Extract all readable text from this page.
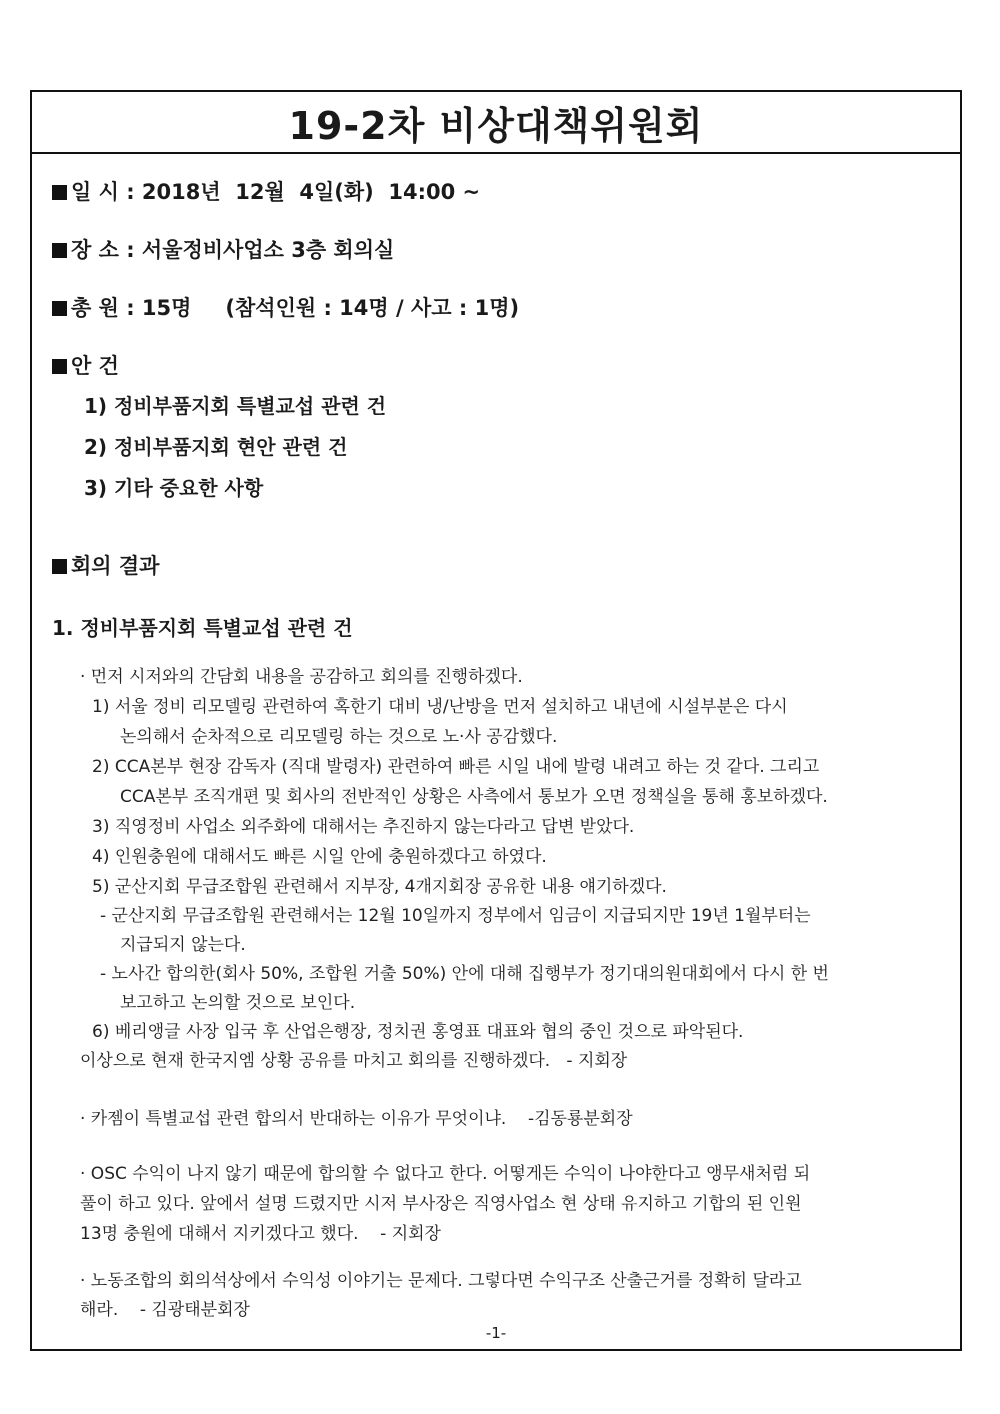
19-2차 비상대책위원회
일 시 : 2018년  12월  4일(화)  14:00 ~
장 소 : 서울정비사업소 3층 회의실
총 원 : 15명 (참석인원 : 14명 / 사고 : 1명)
안 건
1) 정비부품지회 특별교섭 관련 건
2) 정비부품지회 현안 관련 건
3) 기타 중요한 사항
회의 결과
1. 정비부품지회 특별교섭 관련 건
· 먼저 시저와의 간담회 내용을 공감하고 회의를 진행하겠다.
1) 서울 정비 리모델링 관련하여 혹한기 대비 냉/난방을 먼저 설치하고 내년에 시설부분은 다시
논의해서 순차적으로 리모델링 하는 것으로 노·사 공감했다.
2) CCA본부 현장 감독자 (직대 발령자) 관련하여 빠른 시일 내에 발령 내려고 하는 것 같다. 그리고
CCA본부 조직개편 및 회사의 전반적인 상황은 사측에서 통보가 오면 정책실을 통해 홍보하겠다.
3) 직영정비 사업소 외주화에 대해서는 추진하지 않는다라고 답변 받았다.
4) 인원충원에 대해서도 빠른 시일 안에 충원하겠다고 하였다.
5) 군산지회 무급조합원 관련해서 지부장, 4개지회장 공유한 내용 얘기하겠다.
- 군산지회 무급조합원 관련해서는 12월 10일까지 정부에서 임금이 지급되지만 19년 1월부터는
지급되지 않는다.
- 노사간 합의한(회사 50%, 조합원 거출 50%) 안에 대해 집행부가 정기대의원대회에서 다시 한 번
보고하고 논의할 것으로 보인다.
6) 베리앵글 사장 입국 후 산업은행장, 정치권 홍영표 대표와 협의 중인 것으로 파악된다.
이상으로 현재 한국지엠 상황 공유를 마치고 회의를 진행하겠다.   - 지회장
· 카젬이 특별교섭 관련 합의서 반대하는 이유가 무엇이냐.    -김동룡분회장
· OSC 수익이 나지 않기 때문에 합의할 수 없다고 한다. 어떻게든 수익이 나야한다고 앵무새처럼 되
풀이 하고 있다. 앞에서 설명 드렸지만 시저 부사장은 직영사업소 현 상태 유지하고 기합의 된 인원
13명 충원에 대해서 지키겠다고 했다.    - 지회장
· 노동조합의 회의석상에서 수익성 이야기는 문제다. 그렇다면 수익구조 산출근거를 정확히 달라고
해라.    - 김광태분회장
-1-
